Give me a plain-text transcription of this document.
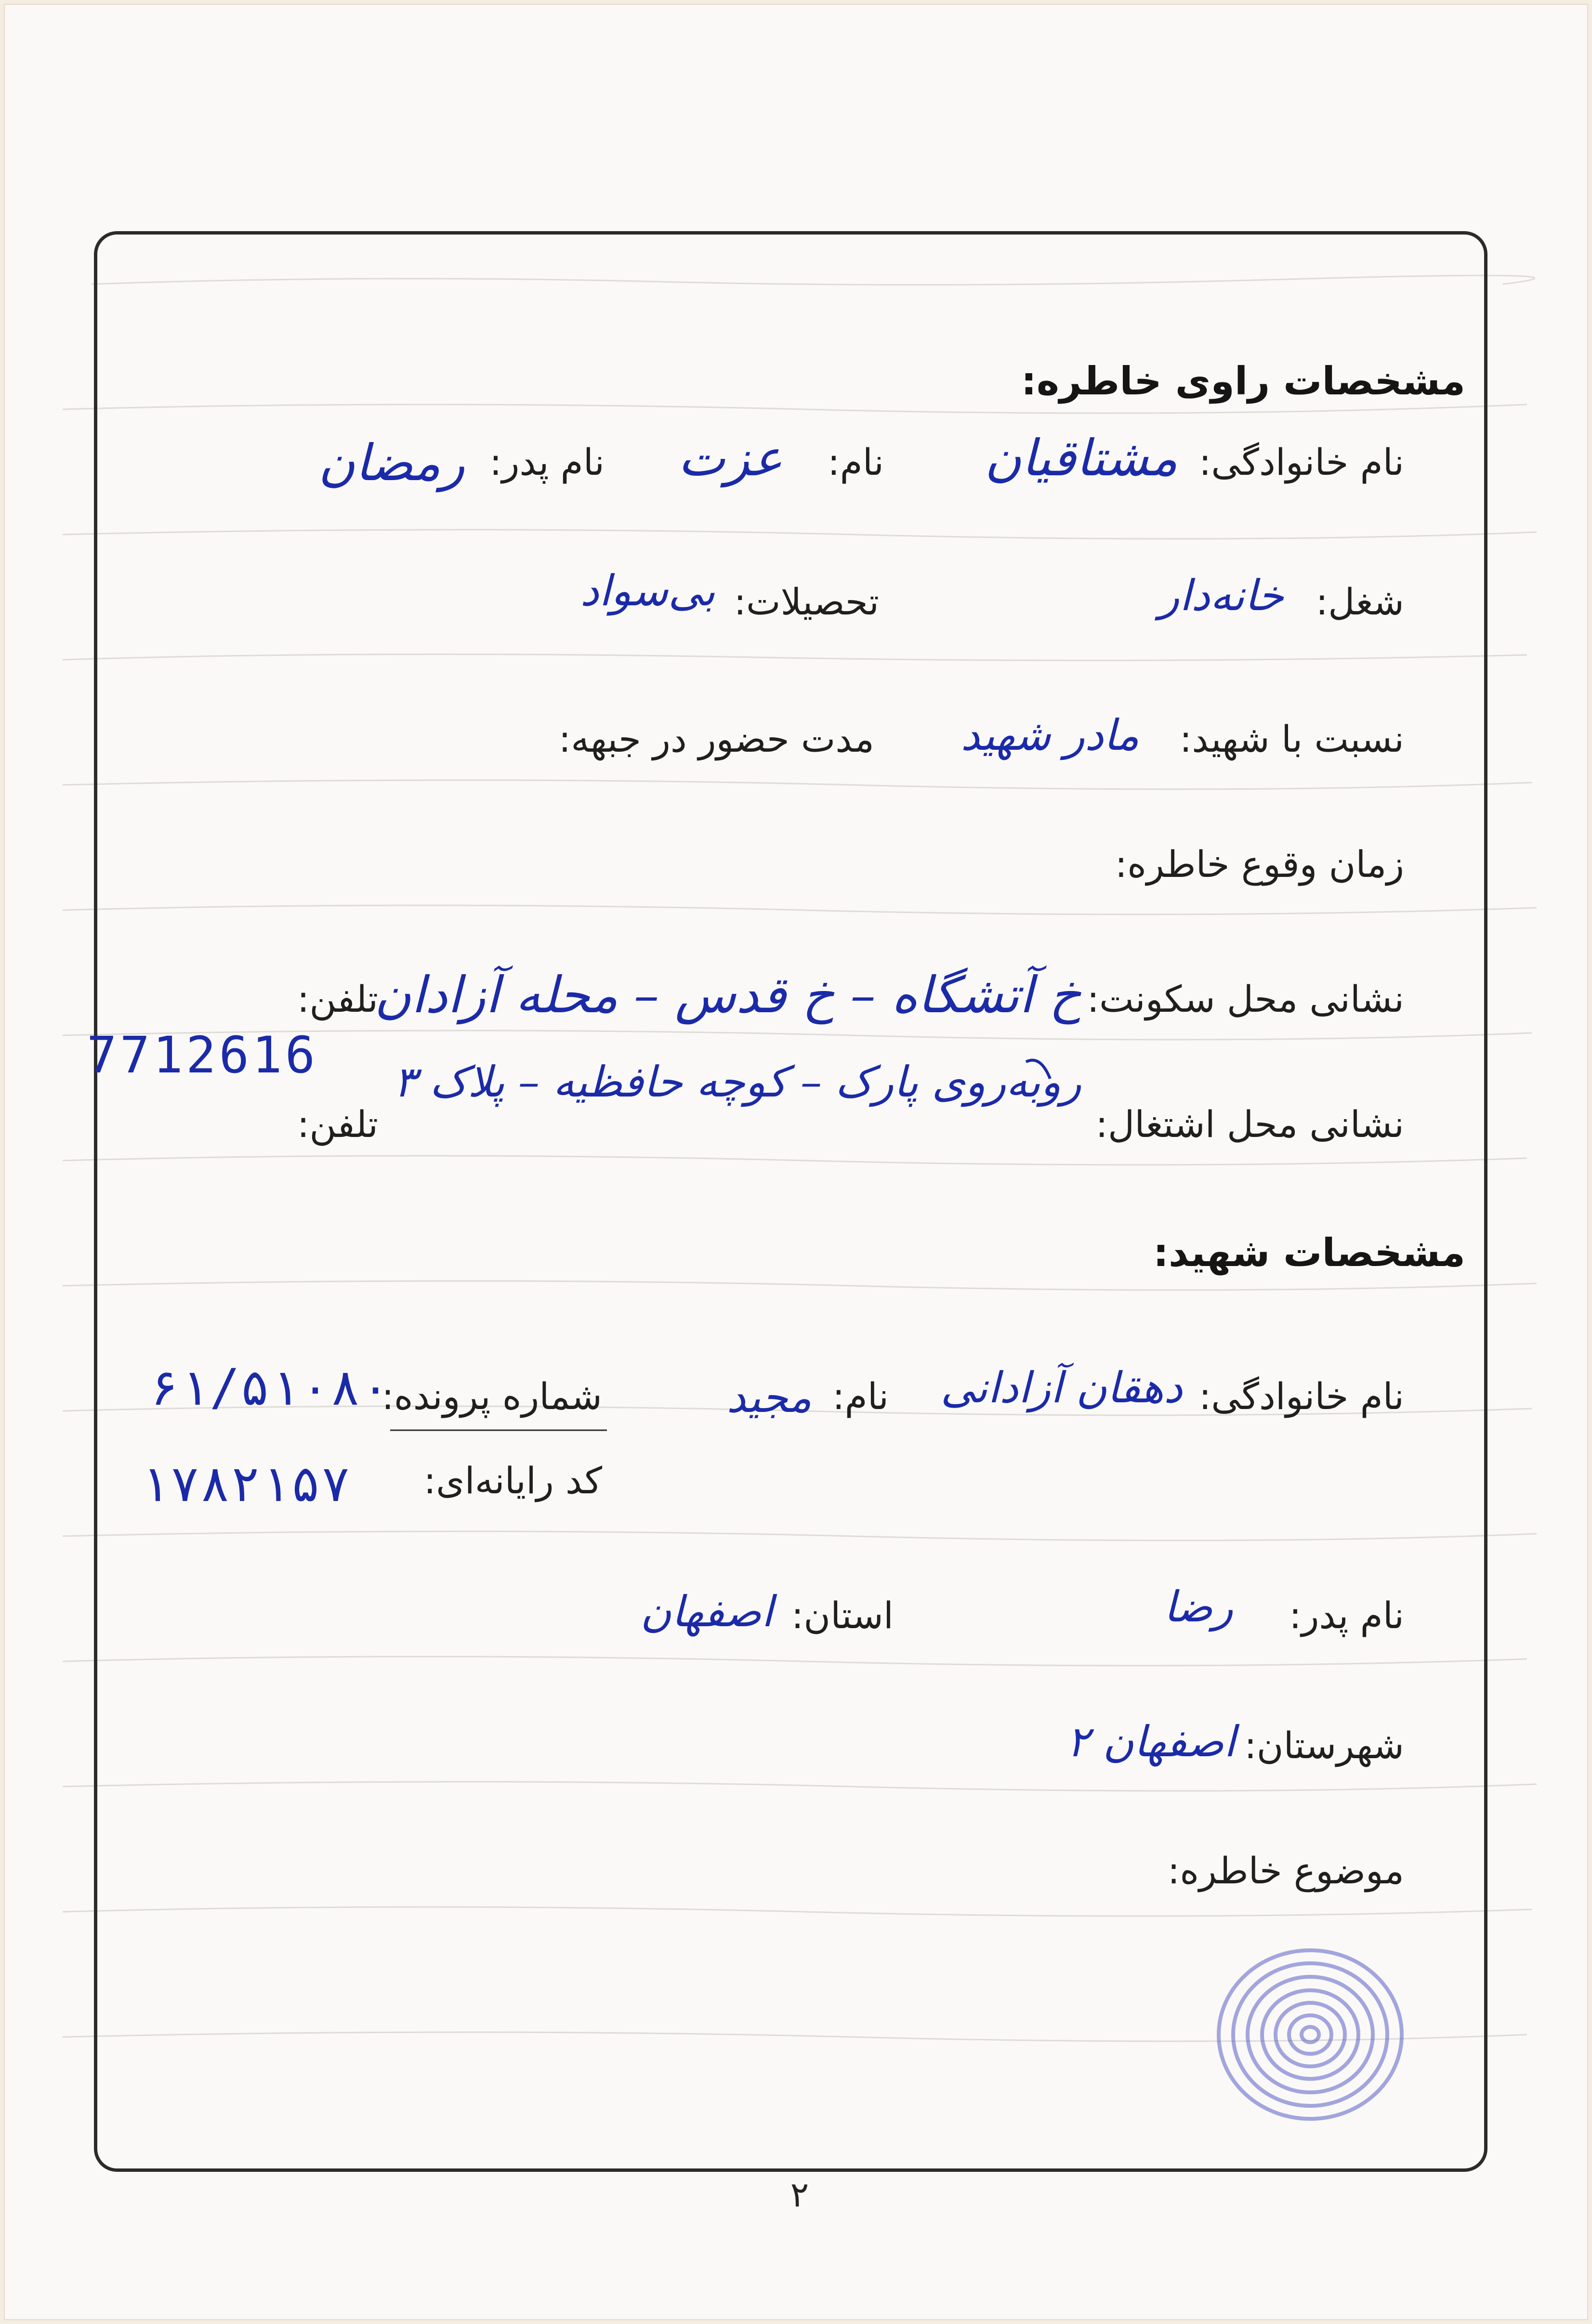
مشخصات راوی خاطره:
نام خانوادگی:
مشتاقیان
نام:
عزت
نام پدر:
رمضان
شغل:
خانه‌دار
تحصیلات:
بی‌سواد
نسبت با شهید:
مادر شهید
مدت حضور در جبهه:
زمان وقوع خاطره:
نشانی محل سکونت:
خ آتشگاه – خ قدس – محله آزادان
روبه‌روی پارک – کوچه حافظیه – پلاک ۳
تلفن:
7712616
نشانی محل اشتغال:
تلفن:
مشخصات شهید:
نام خانوادگی:
دهقان آزادانی
نام:
مجید
شماره پرونده:
۶۱/۵۱۰۸۰
کد رایانه‌ای:
۱۷۸۲۱۵۷
نام پدر:
رضا
استان:
اصفهان
شهرستان:
اصفهان ۲
موضوع خاطره:
۲
